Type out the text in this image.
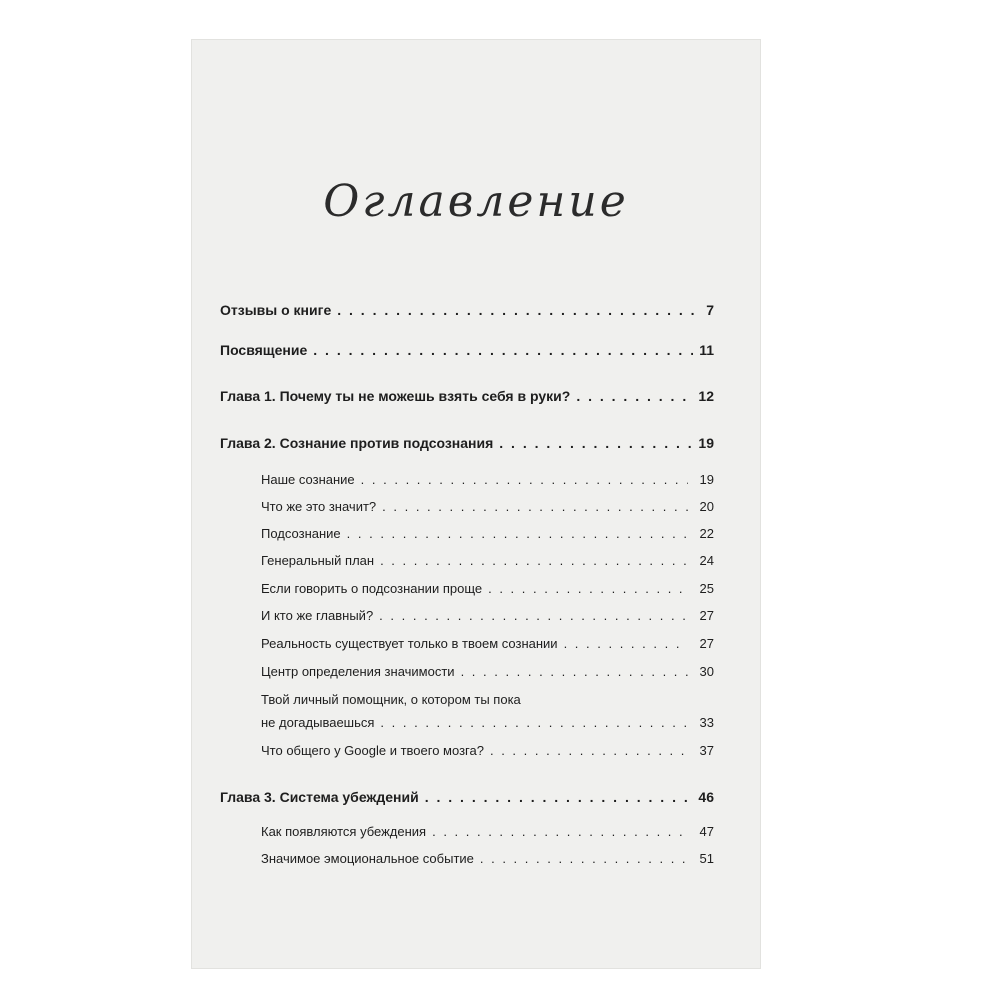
Оглавление
Отзывы о книге . . .	7
Посвящение . . .	11
Глава 1. Почему ты не можешь взять себя в руки? . . .	12
Глава 2. Сознание против подсознания . . .	19
Наше сознание . . .	19
Что же это значит? . . .	20
Подсознание . . .	22
Генеральный план . . .	24
Если говорить о подсознании проще . . .	25
И кто же главный? . . .	27
Реальность существует только в твоем сознании . . .	27
Центр определения значимости . . .	30
Твой личный помощник, о котором ты пока
не догадываешься . . .	33
Что общего у Google и твоего мозга? . . .	37
Глава 3. Система убеждений . . .	46
Как появляются убеждения . . .	47
Значимое эмоциональное событие . . .	51
